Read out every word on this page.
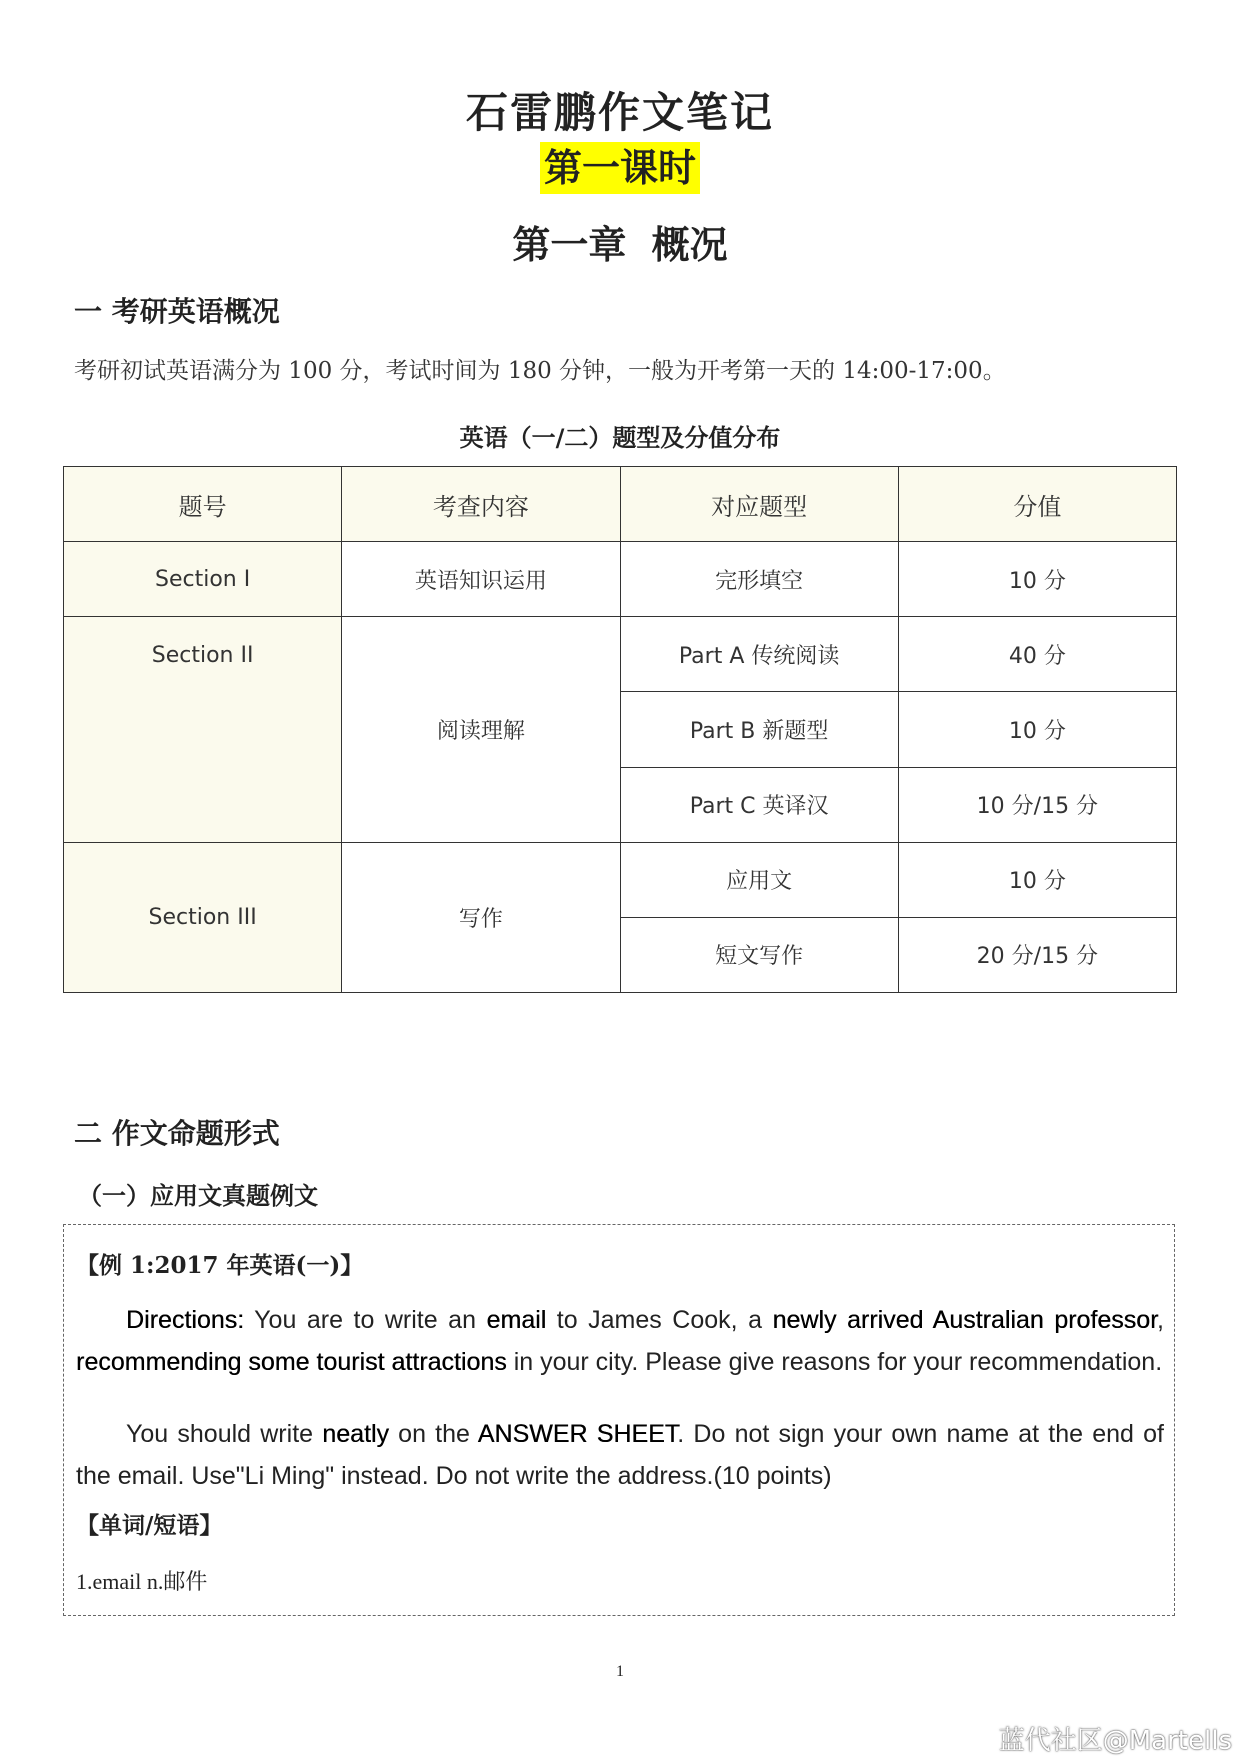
石雷鹏作文笔记
第一课时
第一章 概况
一 考研英语概况
考研初试英语满分为 100 分，考试时间为 180 分钟，一般为开考第一天的 14:00-17:00。
英语（一/二）题型及分值分布
题号	考查内容	对应题型	分值
Section I	英语知识运用	完形填空	10 分
Section II	阅读理解	Part A 传统阅读	40 分
		Part B 新题型	10 分
		Part C 英译汉	10 分/15 分
Section III	写作	应用文	10 分
		短文写作	20 分/15 分
二 作文命题形式
（一）应用文真题例文
【例 1:2017 年英语(一)】
Directions: You are to write an email to James Cook, a newly arrived Australian professor, recommending some tourist attractions in your city. Please give reasons for your recommendation.
You should write neatly on the ANSWER SHEET. Do not sign your own name at the end of the email. Use"Li Ming" instead. Do not write the address.(10 points)
【单词/短语】
1.email n.邮件
1
蓝代社区@Martells
